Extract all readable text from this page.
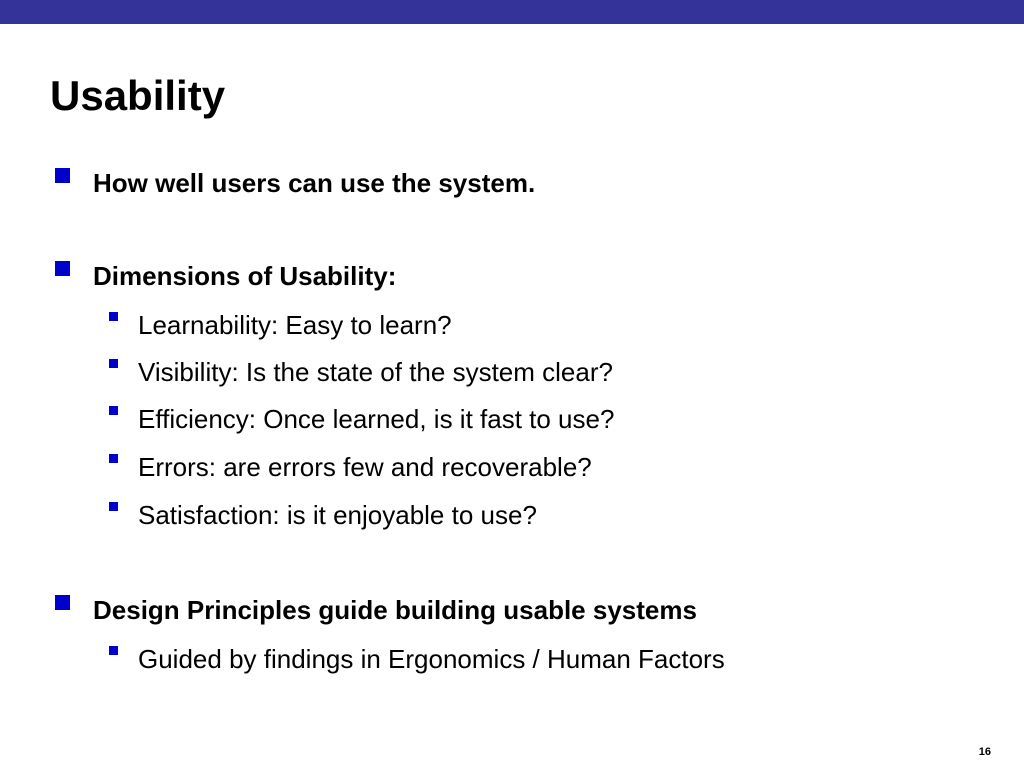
Usability
How well users can use the system.
Dimensions of Usability:
Learnability: Easy to learn?
Visibility: Is the state of the system clear?
Efficiency: Once learned, is it fast to use?
Errors: are errors few and recoverable?
Satisfaction: is it enjoyable to use?
Design Principles guide building usable systems
Guided by findings in Ergonomics / Human Factors
16
